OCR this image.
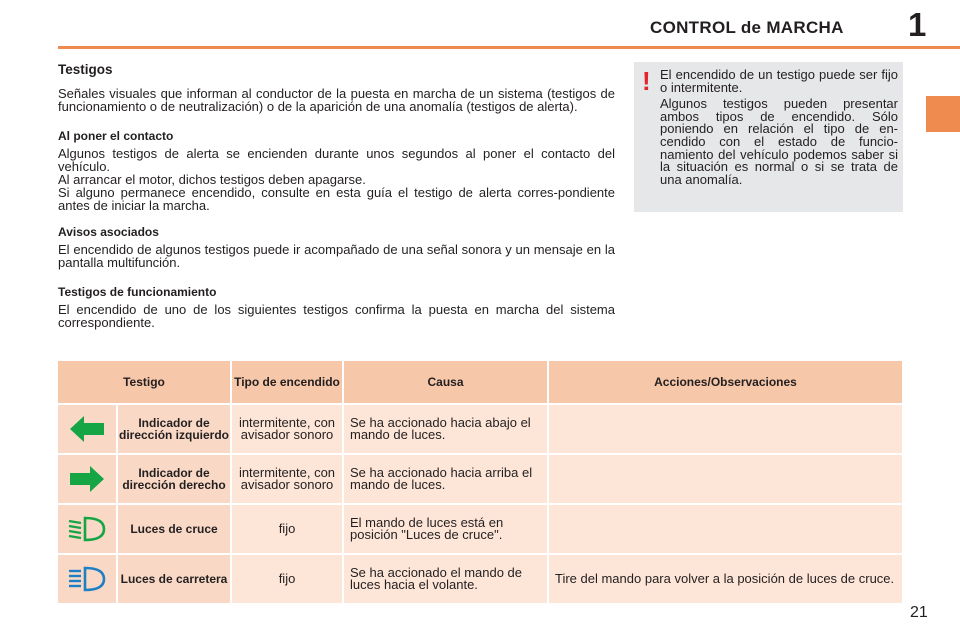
CONTROL de MARCHA 1
Testigos

Señales visuales que informan al conductor de la puesta en marcha de un sistema (testigos de funcionamiento o de neutralización) o de la aparición de una anomalía (testigos de alerta).

Al poner el contacto

Algunos testigos de alerta se encienden durante unos segundos al poner el contacto del vehículo.

Al arrancar el motor, dichos testigos deben apagarse.

Si alguno permanece encendido, consulte en esta guía el testigo de alerta corres-pondiente antes de iniciar la marcha.

Avisos asociados

El encendido de algunos testigos puede ir acompañado de una señal sonora y un mensaje en la pantalla multifunción.

Testigos de funcionamiento

El encendido de uno de los siguientes testigos confirma la puesta en marcha del sistema correspondiente.

! El encendido de un testigo puede ser fijo o intermitente.

Algunos testigos pueden presentar ambos tipos de encendido. Sólo poniendo en relación el tipo de en-cendido con el estado de funcio-namiento del vehículo podemos saber si la situación es normal o si se trata de una anomalía.

Testigo		Tipo de encendido	Causa	Acciones/Observaciones
	Indicador de dirección izquierdo	intermitente, con avisador sonoro	Se ha accionado hacia abajo el mando de luces.	
	Indicador de dirección derecho	intermitente, con avisador sonoro	Se ha accionado hacia arriba el mando de luces.	
	Luces de cruce	fijo	El mando de luces está en posición "Luces de cruce".	
	Luces de carretera	fijo	Se ha accionado el mando de luces hacia el volante.	Tire del mando para volver a la posición de luces de cruce.
21
